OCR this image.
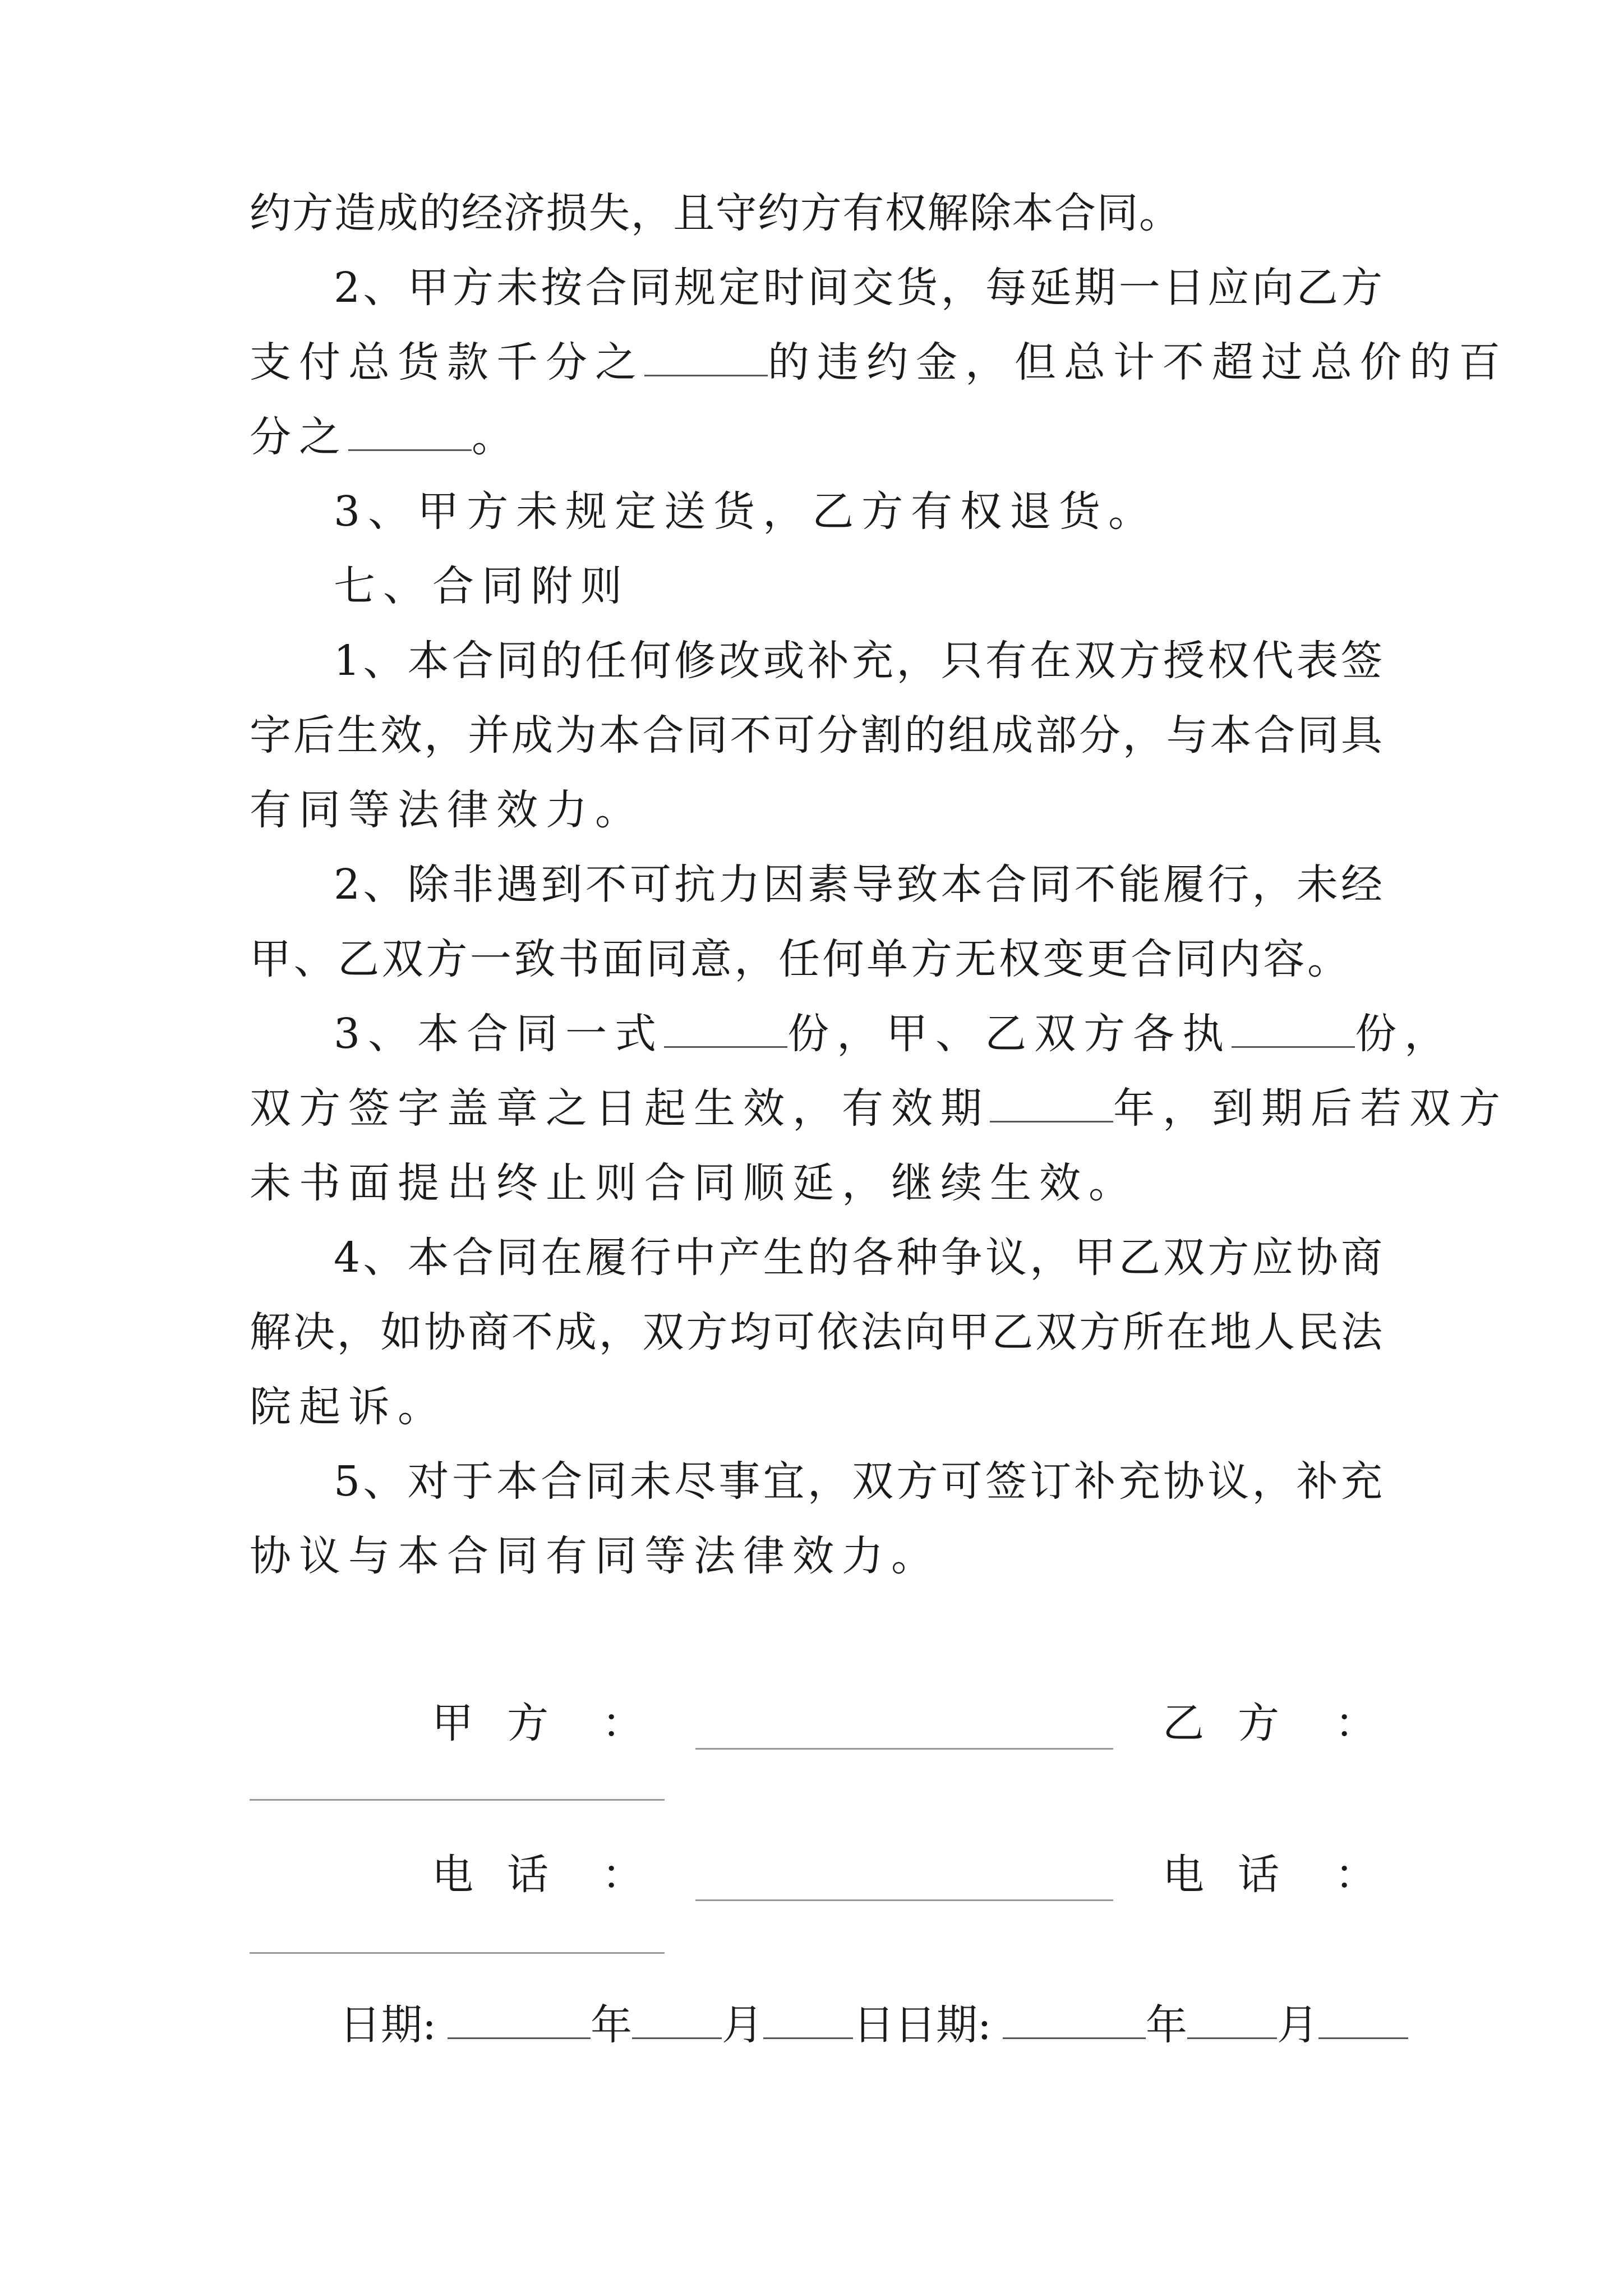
约方造成的经济损失，且守约方有权解除本合同。
2、甲方未按合同规定时间交货，每延期一日应向乙方
支付总货款千分之	的违约金，但总计不超过总价的百
分之	。
3、甲方未规定送货，乙方有权退货。
七、合同附则
1、本合同的任何修改或补充，只有在双方授权代表签
字后生效，并成为本合同不可分割的组成部分，与本合同具
有同等法律效力。
2、除非遇到不可抗力因素导致本合同不能履行，未经
甲、乙双方一致书面同意，任何单方无权变更合同内容。
3、本合同一式	份，甲、乙双方各执	份，
双方签字盖章之日起生效，有效期	年，到期后若双方
未书面提出终止则合同顺延，继续生效。
4、本合同在履行中产生的各种争议，甲乙双方应协商
解决，如协商不成，双方均可依法向甲乙双方所在地人民法
院起诉。
5、对于本合同未尽事宜，双方可签订补充协议，补充
协议与本合同有同等法律效力。
甲方 ：	乙方 ：
电话 ：	电话 ：
日期:	年 月 日日期:	年 月
